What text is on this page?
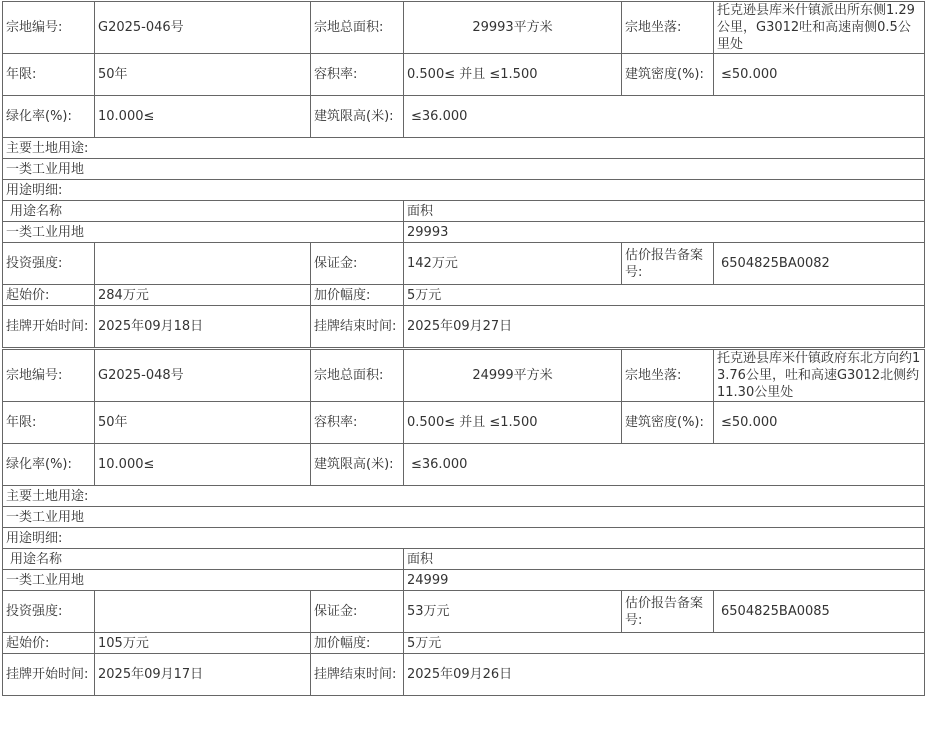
宗地编号:	G2025-046号	宗地总面积:	29993平方米	宗地坐落:	托克逊县库米什镇派出所东侧1.29公里，G3012吐和高速南侧0.5公里处
年限:	50年	容积率:	0.500≤ 并且 ≤1.500	建筑密度(%):	≤50.000
绿化率(%):	10.000≤	建筑限高(米):	≤36.000		
主要土地用途:					
一类工业用地					
用途明细:					
用途名称			面积		
一类工业用地			29993		
投资强度:		保证金:	142万元	估价报告备案号:	6504825BA0082
起始价:	284万元	加价幅度:	5万元		
挂牌开始时间:	2025年09月18日	挂牌结束时间:	2025年09月27日		
宗地编号:	G2025-048号	宗地总面积:	24999平方米	宗地坐落:	托克逊县库米什镇政府东北方向约13.76公里，吐和高速G3012北侧约11.30公里处
年限:	50年	容积率:	0.500≤ 并且 ≤1.500	建筑密度(%):	≤50.000
绿化率(%):	10.000≤	建筑限高(米):	≤36.000		
主要土地用途:					
一类工业用地					
用途明细:					
用途名称			面积		
一类工业用地			24999		
投资强度:		保证金:	53万元	估价报告备案号:	6504825BA0085
起始价:	105万元	加价幅度:	5万元		
挂牌开始时间:	2025年09月17日	挂牌结束时间:	2025年09月26日		
